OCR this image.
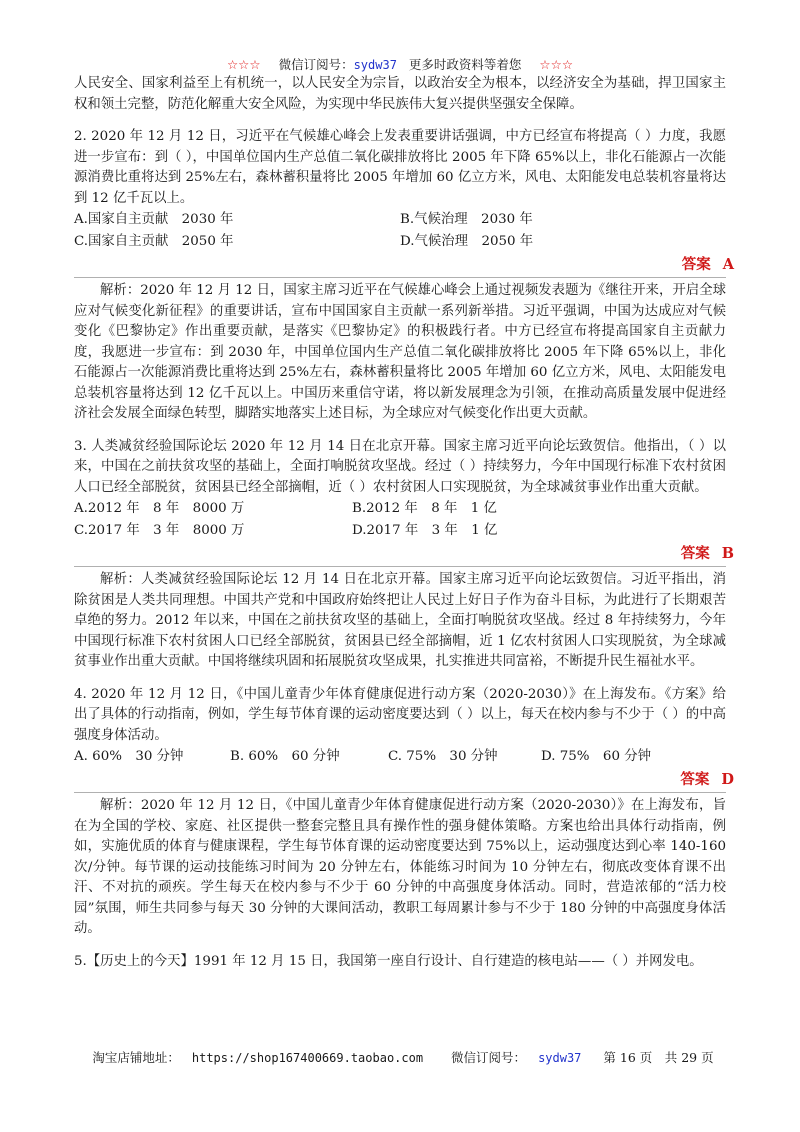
☆☆☆ 微信订阅号：sydw37 更多时政资料等着您 ☆☆☆

人民安全、国家利益至上有机统一，以人民安全为宗旨，以政治安全为根本，以经济安全为基础，捍卫国家主权和领土完整，防范化解重大安全风险，为实现中华民族伟大复兴提供坚强安全保障。

2. 2020 年 12 月 12 日，习近平在气候雄心峰会上发表重要讲话强调，中方已经宣布将提高（ ）力度，我愿进一步宣布：到（ ），中国单位国内生产总值二氧化碳排放将比 2005 年下降 65%以上，非化石能源占一次能源消费比重将达到 25%左右，森林蓄积量将比 2005 年增加 60 亿立方米，风电、太阳能发电总装机容量将达到 12 亿千瓦以上。

A.国家自主贡献　2030 年	B.气候治理　2030 年
C.国家自主贡献　2050 年	D.气候治理　2050 年
答案 A

解析：2020 年 12 月 12 日，国家主席习近平在气候雄心峰会上通过视频发表题为《继往开来，开启全球应对气候变化新征程》的重要讲话，宣布中国国家自主贡献一系列新举措。习近平强调，中国为达成应对气候变化《巴黎协定》作出重要贡献，是落实《巴黎协定》的积极践行者。中方已经宣布将提高国家自主贡献力度，我愿进一步宣布：到 2030 年，中国单位国内生产总值二氧化碳排放将比 2005 年下降 65%以上，非化石能源占一次能源消费比重将达到 25%左右，森林蓄积量将比 2005 年增加 60 亿立方米，风电、太阳能发电总装机容量将达到 12 亿千瓦以上。中国历来重信守诺，将以新发展理念为引领，在推动高质量发展中促进经济社会发展全面绿色转型，脚踏实地落实上述目标，为全球应对气候变化作出更大贡献。

3. 人类减贫经验国际论坛 2020 年 12 月 14 日在北京开幕。国家主席习近平向论坛致贺信。他指出，（ ）以来，中国在之前扶贫攻坚的基础上，全面打响脱贫攻坚战。经过（ ）持续努力，今年中国现行标准下农村贫困人口已经全部脱贫，贫困县已经全部摘帽，近（ ）农村贫困人口实现脱贫，为全球减贫事业作出重大贡献。

A.2012 年　8 年　8000 万	B.2012 年　8 年　1 亿
C.2017 年　3 年　8000 万	D.2017 年　3 年　1 亿
答案 B

解析：人类减贫经验国际论坛 12 月 14 日在北京开幕。国家主席习近平向论坛致贺信。习近平指出，消除贫困是人类共同理想。中国共产党和中国政府始终把让人民过上好日子作为奋斗目标，为此进行了长期艰苦卓绝的努力。2012 年以来，中国在之前扶贫攻坚的基础上，全面打响脱贫攻坚战。经过 8 年持续努力，今年中国现行标准下农村贫困人口已经全部脱贫，贫困县已经全部摘帽，近 1 亿农村贫困人口实现脱贫，为全球减贫事业作出重大贡献。中国将继续巩固和拓展脱贫攻坚成果，扎实推进共同富裕，不断提升民生福祉水平。

4. 2020 年 12 月 12 日，《中国儿童青少年体育健康促进行动方案（2020-2030）》在上海发布。《方案》给出了具体的行动指南，例如，学生每节体育课的运动密度要达到（ ）以上，每天在校内参与不少于（ ）的中高强度身体活动。

A. 60%　30 分钟	B. 60%　60 分钟	C. 75%　30 分钟	D. 75%　60 分钟
答案 D

解析：2020 年 12 月 12 日，《中国儿童青少年体育健康促进行动方案（2020-2030）》在上海发布，旨在为全国的学校、家庭、社区提供一整套完整且具有操作性的强身健体策略。方案也给出具体行动指南，例如，实施优质的体育与健康课程，学生每节体育课的运动密度要达到 75%以上，运动强度达到心率 140-160 次/分钟。每节课的运动技能练习时间为 20 分钟左右，体能练习时间为 10 分钟左右，彻底改变体育课不出汗、不对抗的顽疾。学生每天在校内参与不少于 60 分钟的中高强度身体活动。同时，营造浓郁的“活力校园”氛围，师生共同参与每天 30 分钟的大课间活动，教职工每周累计参与不少于 180 分钟的中高强度身体活动。

5.【历史上的今天】1991 年 12 月 15 日，我国第一座自行设计、自行建造的核电站——（ ）并网发电。

淘宝店铺地址： https://shop167400669.taobao.com 微信订阅号： sydw37 第 16 页　共 29 页
